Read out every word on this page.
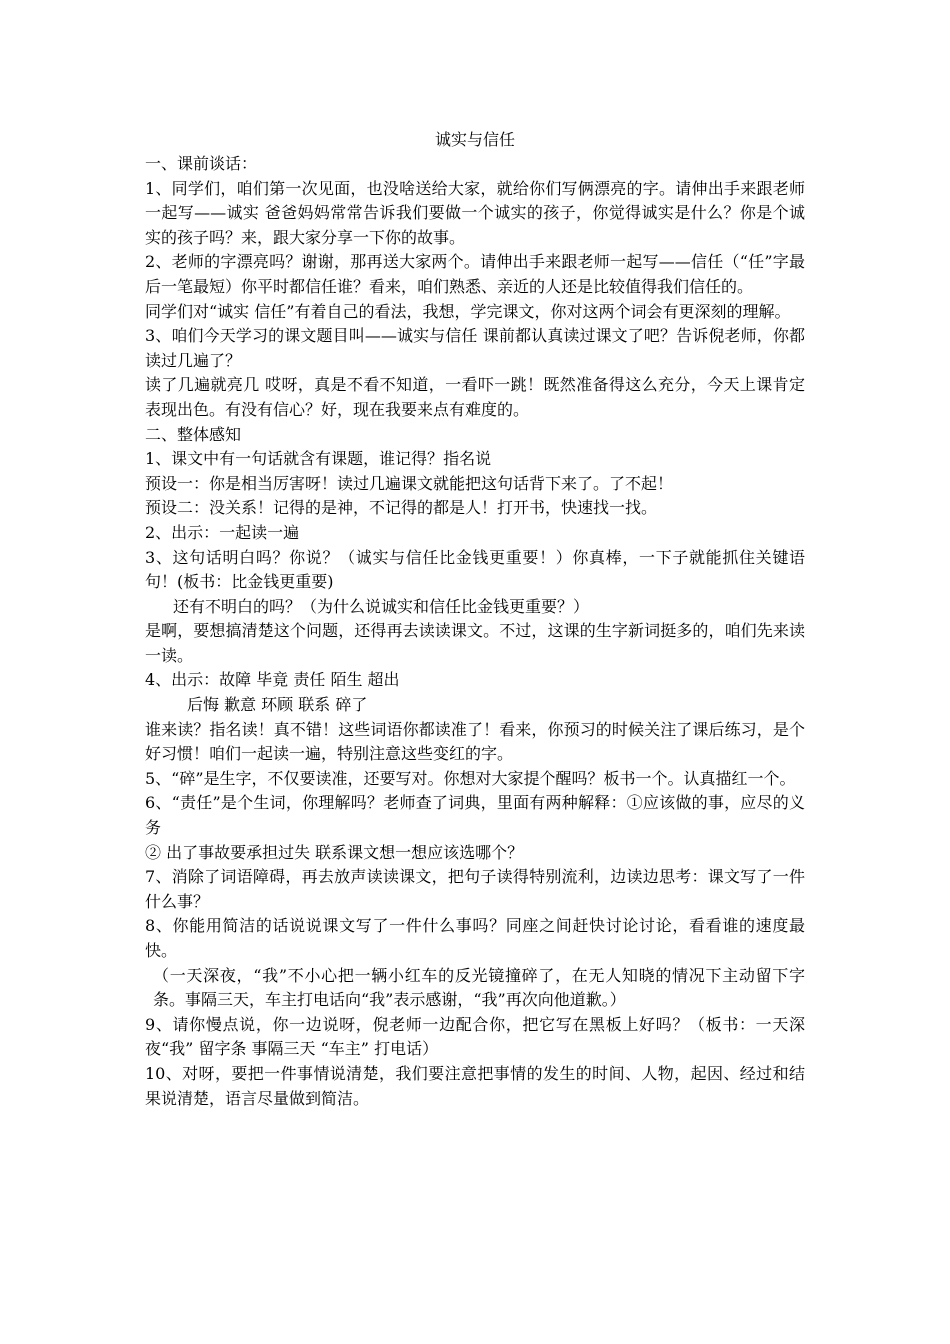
诚实与信任

一、课前谈话：

1、同学们，咱们第一次见面，也没啥送给大家，就给你们写俩漂亮的字。请伸出手来跟老师一起写——诚实 爸爸妈妈常常告诉我们要做一个诚实的孩子，你觉得诚实是什么？你是个诚实的孩子吗？来，跟大家分享一下你的故事。

2、老师的字漂亮吗？谢谢，那再送大家两个。请伸出手来跟老师一起写——信任（“任”字最后一笔最短）你平时都信任谁？看来，咱们熟悉、亲近的人还是比较值得我们信任的。

同学们对“诚实 信任”有着自己的看法，我想，学完课文，你对这两个词会有更深刻的理解。

3、咱们今天学习的课文题目叫——诚实与信任 课前都认真读过课文了吧？告诉倪老师，你都读过几遍了？

读了几遍就亮几 哎呀，真是不看不知道，一看吓一跳！既然准备得这么充分，今天上课肯定表现出色。有没有信心？好，现在我要来点有难度的。

二、整体感知

1、课文中有一句话就含有课题，谁记得？指名说

预设一：你是相当厉害呀！读过几遍课文就能把这句话背下来了。了不起！

预设二：没关系！记得的是神，不记得的都是人！打开书，快速找一找。

2、出示：一起读一遍

3、这句话明白吗？你说？（诚实与信任比金钱更重要！）你真棒，一下子就能抓住关键语句！(板书：比金钱更重要)

还有不明白的吗？（为什么说诚实和信任比金钱更重要？）

是啊，要想搞清楚这个问题，还得再去读读课文。不过，这课的生字新词挺多的，咱们先来读一读。

4、出示：故障 毕竟 责任 陌生 超出

后悔 歉意 环顾 联系 碎了

谁来读？指名读！真不错！这些词语你都读准了！看来，你预习的时候关注了课后练习，是个好习惯！咱们一起读一遍，特别注意这些变红的字。

5、“碎”是生字，不仅要读准，还要写对。你想对大家提个醒吗？板书一个。认真描红一个。

6、“责任”是个生词，你理解吗？老师查了词典，里面有两种解释：①应该做的事，应尽的义务

② 出了事故要承担过失 联系课文想一想应该选哪个？

7、消除了词语障碍，再去放声读读课文，把句子读得特别流利，边读边思考：课文写了一件什么事？

8、你能用简洁的话说说课文写了一件什么事吗？同座之间赶快讨论讨论，看看谁的速度最快。

（一天深夜，“我”不小心把一辆小红车的反光镜撞碎了，在无人知晓的情况下主动留下字条。事隔三天，车主打电话向“我”表示感谢，“我”再次向他道歉。）

9、请你慢点说，你一边说呀，倪老师一边配合你，把它写在黑板上好吗？（板书：一天深夜“我” 留字条 事隔三天 “车主” 打电话）

10、对呀，要把一件事情说清楚，我们要注意把事情的发生的时间、人物，起因、经过和结果说清楚，语言尽量做到简洁。
